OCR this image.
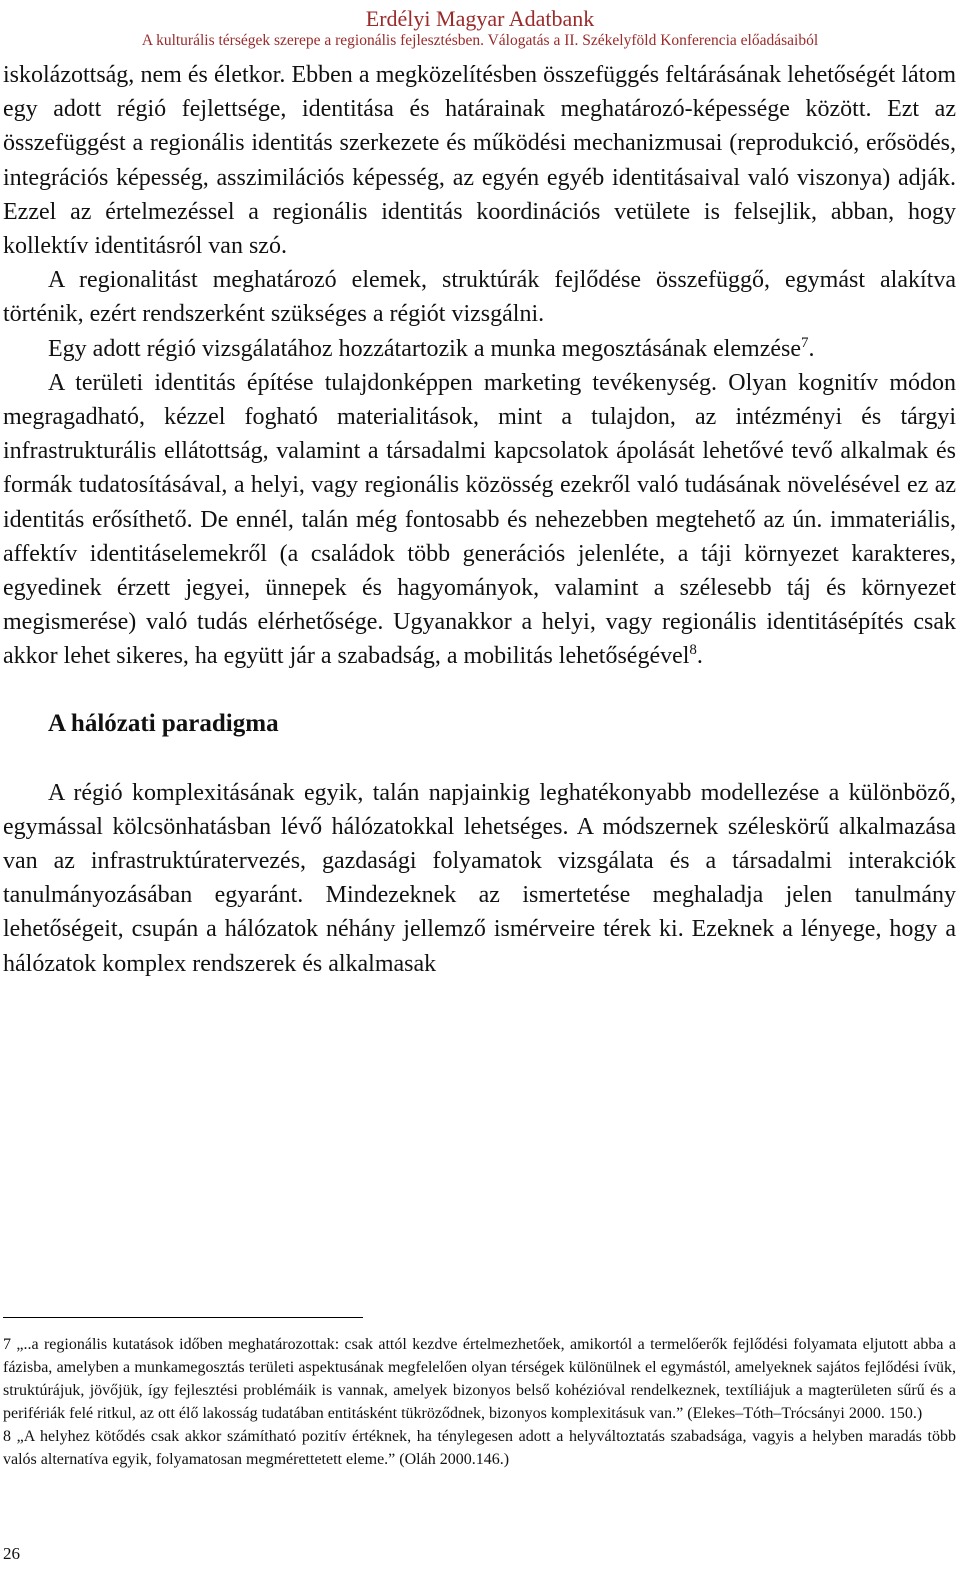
Erdélyi Magyar Adatbank
A kulturális térségek szerepe a regionális fejlesztésben. Válogatás a II. Székelyföld Konferencia előadásaiból

iskolázottság, nem és életkor. Ebben a megközelítésben összefüggés feltárásának lehetőségét látom egy adott régió fejlettsége, identitása és határainak meghatározó-képessége között. Ezt az összefüggést a regionális identitás szerkezete és működési mechanizmusai (reprodukció, erősödés, integrációs képesség, asszimilációs képesség, az egyén egyéb identitásaival való viszonya) adják. Ezzel az értelmezéssel a regionális identitás koordinációs vetülete is felsejlik, abban, hogy kollektív identitásról van szó.

A regionalitást meghatározó elemek, struktúrák fejlődése összefüggő, egymást alakítva történik, ezért rendszerként szükséges a régiót vizsgálni.

Egy adott régió vizsgálatához hozzátartozik a munka megosztásának elemzése$^7$.

A területi identitás építése tulajdonképpen marketing tevékenység. Olyan kognitív módon megragadható, kézzel fogható materialitások, mint a tulajdon, az intézményi és tárgyi infrastrukturális ellátottság, valamint a társadalmi kapcsolatok ápolását lehetővé tevő alkalmak és formák tudatosításával, a helyi, vagy regionális közösség ezekről való tudásának növelésével ez az identitás erősíthető. De ennél, talán még fontosabb és nehezebben megtehető az ún. immateriális, affektív identitáselemekről (a családok több generációs jelenléte, a táji környezet karakteres, egyedinek érzett jegyei, ünnepek és hagyományok, valamint a szélesebb táj és környezet megismerése) való tudás elérhetősége. Ugyanakkor a helyi, vagy regionális identitásépítés csak akkor lehet sikeres, ha együtt jár a szabadság, a mobilitás lehetőségével$^8$.

A hálózati paradigma

A régió komplexitásának egyik, talán napjainkig leghatékonyabb modellezése a különböző, egymással kölcsönhatásban lévő hálózatokkal lehetséges. A módszernek széleskörű alkalmazása van az infrastruktúratervezés, gazdasági folyamatok vizsgálata és a társadalmi interakciók tanulmányozásában egyaránt. Mindezeknek az ismertetése meghaladja jelen tanulmány lehetőségeit, csupán a hálózatok néhány jellemző ismérveire térek ki. Ezeknek a lényege, hogy a hálózatok komplex rendszerek és alkalmasak

7 „..a regionális kutatások időben meghatározottak: csak attól kezdve értelmezhetőek, amikortól a termelőerők fejlődési folyamata eljutott abba a fázisba, amelyben a munkamegosztás területi aspektusának megfelelően olyan térségek különülnek el egymástól, amelyeknek sajátos fejlődési ívük, struktúrájuk, jövőjük, így fejlesztési problémáik is vannak, amelyek bizonyos belső kohézióval rendelkeznek, textíliájuk a magterületen sűrű és a perifériák felé ritkul, az ott élő lakosság tudatában entitásként tükröződnek, bizonyos komplexitásuk van.” (Elekes–Tóth–Trócsányi 2000. 150.)

8 „A helyhez kötődés csak akkor számítható pozitív értéknek, ha ténylegesen adott a helyváltoztatás szabadsága, vagyis a helyben maradás több valós alternatíva egyik, folyamatosan megmérettetett eleme.” (Oláh 2000.146.)

26
